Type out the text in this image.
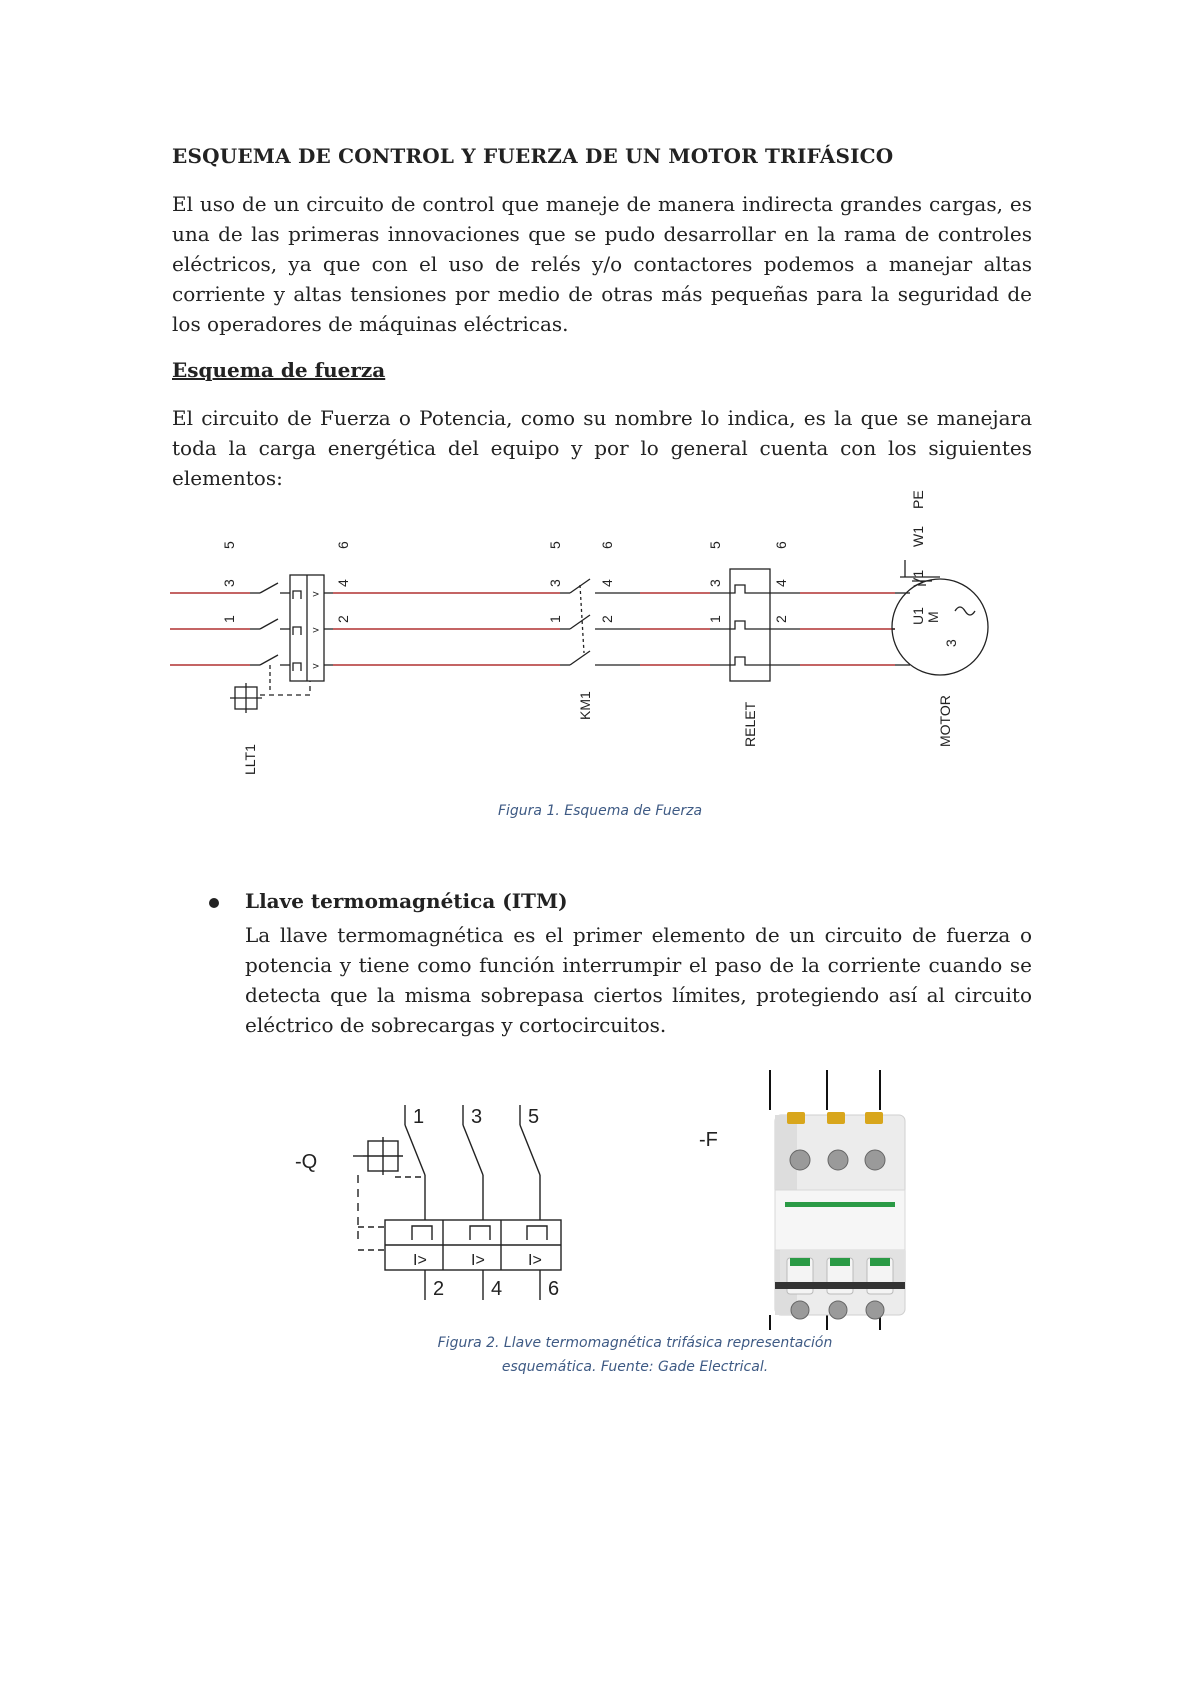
ESQUEMA DE CONTROL Y FUERZA DE UN MOTOR TRIFÁSICO
El uso de un circuito de control que maneje de manera indirecta grandes cargas, es una de las primeras innovaciones que se pudo desarrollar en la rama de controles eléctricos, ya que con el uso de relés y/o contactores podemos a manejar altas corriente y altas tensiones por medio de otras más pequeñas para la seguridad de los operadores de máquinas eléctricas.
Esquema de fuerza
El circuito de Fuerza o Potencia, como su nombre lo indica, es la que se manejara toda la carga energética del equipo y por lo general cuenta con los siguientes elementos:
>
>
>
5
3
1
6
4
2
LLT1
5
3
1
6
4
2
KM1
5
3
1
6
4
2
RELET
PE
W1
V1
U1 M
3
MOTOR
Figura 1. Esquema de Fuerza
Llave termomagnética (ITM)
La llave termomagnética es el primer elemento de un circuito de fuerza o potencia y tiene como función interrumpir el paso de la corriente cuando se detecta que la misma sobrepasa ciertos límites, protegiendo así al circuito eléctrico de sobrecargas y cortocircuitos.
-Q
1 3 5
2 4 6
I>	I>	I>
-F
Figura 2. Llave termomagnética trifásica representación
esquemática. Fuente: Gade Electrical.
